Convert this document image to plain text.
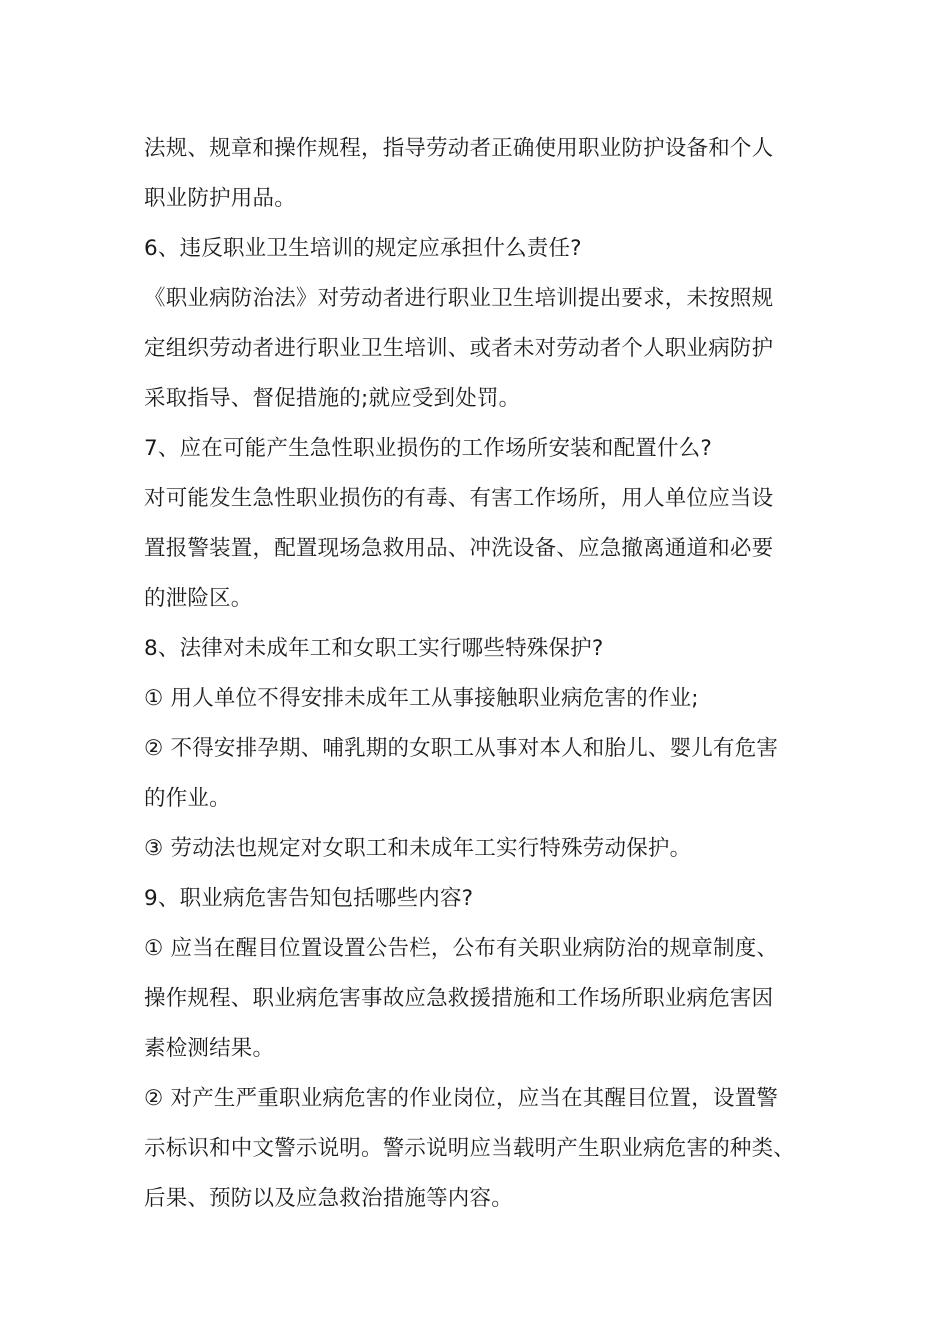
法规、规章和操作规程，指导劳动者正确使用职业防护设备和个人
职业防护用品。
6、违反职业卫生培训的规定应承担什么责任?
《职业病防治法》对劳动者进行职业卫生培训提出要求，未按照规
定组织劳动者进行职业卫生培训、或者未对劳动者个人职业病防护
采取指导、督促措施的;就应受到处罚。
7、应在可能产生急性职业损伤的工作场所安装和配置什么?
对可能发生急性职业损伤的有毒、有害工作场所，用人单位应当设
置报警装置，配置现场急救用品、冲洗设备、应急撤离通道和必要
的泄险区。
8、法律对未成年工和女职工实行哪些特殊保护?
① 用人单位不得安排未成年工从事接触职业病危害的作业;
② 不得安排孕期、哺乳期的女职工从事对本人和胎儿、婴儿有危害
的作业。
③ 劳动法也规定对女职工和未成年工实行特殊劳动保护。
9、职业病危害告知包括哪些内容?
① 应当在醒目位置设置公告栏，公布有关职业病防治的规章制度、
操作规程、职业病危害事故应急救援措施和工作场所职业病危害因
素检测结果。
② 对产生严重职业病危害的作业岗位，应当在其醒目位置，设置警
示标识和中文警示说明。警示说明应当载明产生职业病危害的种类、
后果、预防以及应急救治措施等内容。
